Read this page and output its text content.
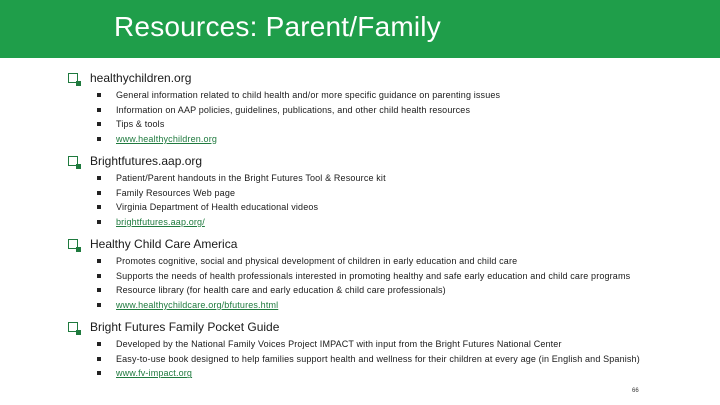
Resources: Parent/Family
healthychildren.org
General information related to child health and/or more specific guidance on parenting issues
Information on AAP policies, guidelines, publications, and other child health resources
Tips & tools
www.healthychildren.org
Brightfutures.aap.org
Patient/Parent handouts in the Bright Futures Tool & Resource kit
Family Resources Web page
Virginia Department of Health educational videos
brightfutures.aap.org/
Healthy Child Care America
Promotes cognitive, social and physical development of children in early education and child care
Supports the needs of health professionals interested in promoting healthy and safe early education and child care programs
Resource library (for health care and early education & child care professionals)
www.healthychildcare.org/bfutures.html
Bright Futures Family Pocket Guide
Developed by the National Family Voices Project IMPACT with input from the Bright Futures National Center
Easy-to-use book designed to help families support health and wellness for their children at every age (in English and Spanish)
www.fv-impact.org
66
